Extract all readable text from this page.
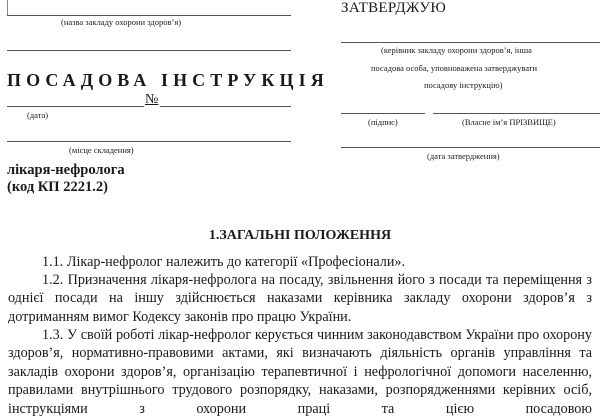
(назва закладу охорони здоров’я)
ПОСАДОВА ІНСТРУКЦІЯ
№
(дата)
(місце складення)
лікаря-нефролога
(код КП 2221.2)
ЗАТВЕРДЖУЮ
(керівник закладу охорони здоров’я, інша
посадова особа, уповноважена затверджувати
посадову інструкцію)
(підпис)	(Власне ім’я ПРІЗВИЩЕ)
(дата затвердження)
1.ЗАГАЛЬНІ ПОЛОЖЕННЯ

1.1. Лікар-нефролог належить до категорії «Професіонали».

1.2. Призначення лікаря-нефролога на посаду, звільнення його з посади та переміщення з однієї посади на іншу здійснюється наказами керівника закладу охорони здоров’я з дотриманням вимог Кодексу законів про працю України.

1.3. У своїй роботі лікар-нефролог керується чинним законодавством України про охорону здоров’я, нормативно-правовими актами, які визначають діяльність органів управління та закладів охорони здоров’я, організацію терапевтичної і нефрологічної допомоги населенню, правилами внутрішнього трудового розпорядку, наказами, розпорядженнями керівних осіб, інструкціями з охорони праці та цією посадовою
